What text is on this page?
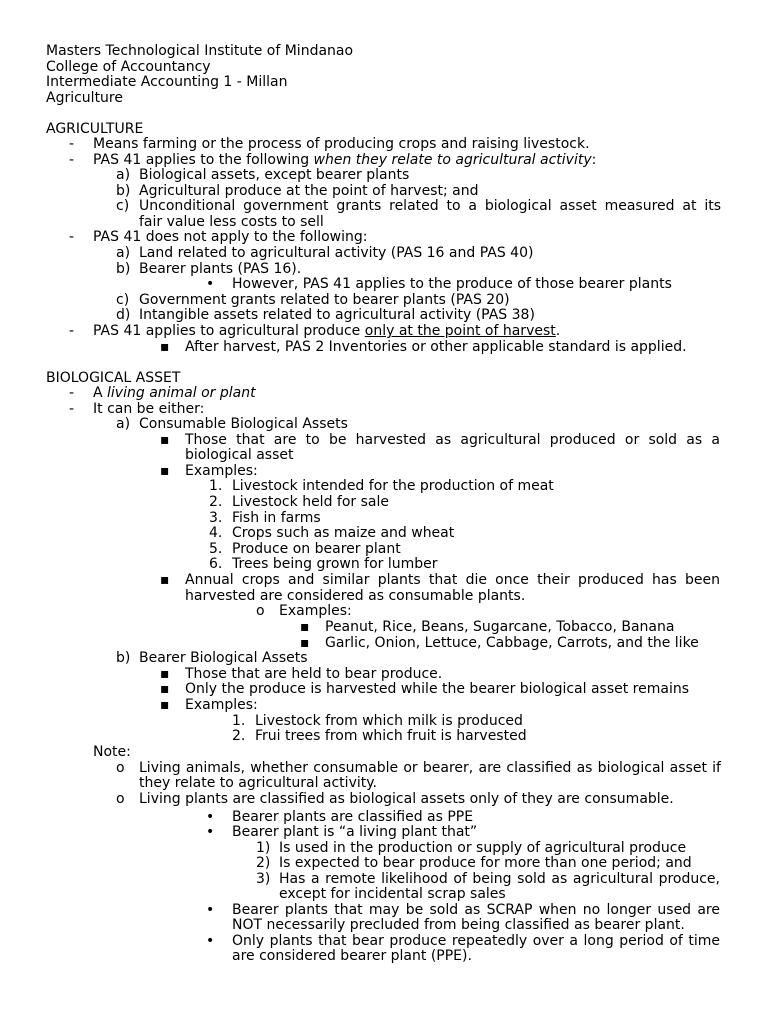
Masters Technological Institute of Mindanao
College of Accountancy
Intermediate Accounting 1 - Millan
Agriculture
AGRICULTURE
- Means farming or the process of producing crops and raising livestock.
- PAS 41 applies to the following when they relate to agricultural activity:
a) Biological assets, except bearer plants
b) Agricultural produce at the point of harvest; and
c) Unconditional government grants related to a biological asset measured at its
fair value less costs to sell
- PAS 41 does not apply to the following:
a) Land related to agricultural activity (PAS 16 and PAS 40)
b) Bearer plants (PAS 16).
• However, PAS 41 applies to the produce of those bearer plants
c) Government grants related to bearer plants (PAS 20)
d) Intangible assets related to agricultural activity (PAS 38)
- PAS 41 applies to agricultural produce only at the point of harvest.
▪ After harvest, PAS 2 Inventories or other applicable standard is applied.
BIOLOGICAL ASSET
- A living animal or plant
- It can be either:
a) Consumable Biological Assets
▪ Those that are to be harvested as agricultural produced or sold as a
biological asset
▪ Examples:
1. Livestock intended for the production of meat
2. Livestock held for sale
3. Fish in farms
4. Crops such as maize and wheat
5. Produce on bearer plant
6. Trees being grown for lumber
▪ Annual crops and similar plants that die once their produced has been
harvested are considered as consumable plants.
o Examples:
▪ Peanut, Rice, Beans, Sugarcane, Tobacco, Banana
▪ Garlic, Onion, Lettuce, Cabbage, Carrots, and the like
b) Bearer Biological Assets
▪ Those that are held to bear produce.
▪ Only the produce is harvested while the bearer biological asset remains
▪ Examples:
1. Livestock from which milk is produced
2. Frui trees from which fruit is harvested
Note:
o Living animals, whether consumable or bearer, are classified as biological asset if
they relate to agricultural activity.
o Living plants are classified as biological assets only of they are consumable.
• Bearer plants are classified as PPE
• Bearer plant is “a living plant that”
1) Is used in the production or supply of agricultural produce
2) Is expected to bear produce for more than one period; and
3) Has a remote likelihood of being sold as agricultural produce,
except for incidental scrap sales
• Bearer plants that may be sold as SCRAP when no longer used are
NOT necessarily precluded from being classified as bearer plant.
• Only plants that bear produce repeatedly over a long period of time
are considered bearer plant (PPE).
